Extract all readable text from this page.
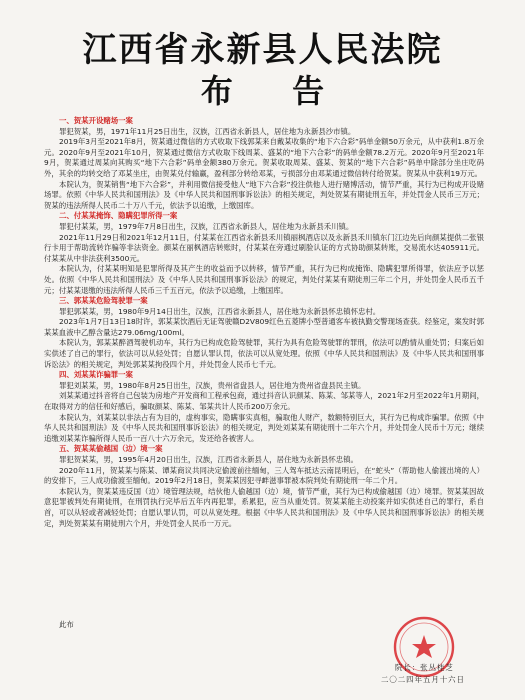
江西省永新县人民法院
布 告
一、贺某开设赌场一案

罪犯贺某，男，1971年11月25日出生，汉族，江西省永新县人，居住地为永新县沙市镇。

2019年3月至2021年8月，贺某通过微信的方式收取下线郭某来自戴某收集的“地下六合彩”码单金额50万余元，从中获利1.8万余元。2020年9月至2021年10月，贺某通过微信方式收取下线周某、盛某的“地下六合彩”的码单金额78.2万元。2020年9月至2021年9月，贺某通过周某向其购买“地下六合彩”码单金额380万余元。贺某收取周某、盛某、贺某的“地下六合彩”码单中除部分坐庄吃码外，其余的均转交给了邓某坐庄，由贺某兑付输赢，盈利部分转给邓某，亏损部分由邓某通过微信转付给贺某。贺某从中获利19万元。

本院认为，贺某销售“地下六合彩”，并利用微信接受他人“地下六合彩”投注供他人进行赌博活动，情节严重，其行为已构成开设赌场罪。依照《中华人民共和国刑法》及《中华人民共和国刑事诉讼法》的相关规定，判处贺某有期徒刑五年，并处罚金人民币三万元；贺某的违法所得人民币二十万八千元，依法予以追缴，上缴国库。

二、付某某掩饰、隐瞒犯罪所得一案

罪犯付某某，男，1979年7月8日出生，汉族，江西省永新县人，居住地为永新县禾川镇。

2021年11月29日和2021年12月11日，付某某在江西省永新县禾川镇丽枫酒店以及永新县禾川镇东门江边先后向颜某提供二张银行卡用于帮助流转诈骗等非法资金。颜某在丽枫酒店转账时，付某某在旁通过刷脸认证的方式协助颜某转账，交易流水达405911元。付某某从中非法获利3500元。

本院认为，付某某明知是犯罪所得及其产生的收益而予以转移，情节严重，其行为已构成掩饰、隐瞒犯罪所得罪，依法应予以惩处。依照《中华人民共和国刑法》及《中华人民共和国刑事诉讼法》的规定，判处付某某有期徒刑三年二个月，并处罚金人民币五千元；付某某退缴的违法所得人民币三千五百元，依法予以追缴，上缴国库。

三、郭某某危险驾驶罪一案

罪犯郭某某，男，1980年9月14日出生，汉族，江西省永新县人，居住地为永新县怀忠镇怀忠村。

2023年1月7日13日18时许，郭某某饮酒后无证驾驶赣D2V809红色五菱牌小型普通客车被执勤交警现场查获。经鉴定，案发时郭某某血液中乙醇含量达279.06mg/100ml。

本院认为，郭某某醉酒驾驶机动车，其行为已构成危险驾驶罪，其行为具有危险驾驶罪的罪刑，依法可以酌情从重处罚；归案后如实供述了自己的罪行，依法可以从轻处罚；自愿认罪认罚，依法可以从宽处理。依照《中华人民共和国刑法》及《中华人民共和国刑事诉讼法》的相关规定，判处郭某某拘役四个月，并处罚金人民币七千元。

四、刘某某诈骗罪一案

罪犯刘某某，男，1980年8月25日出生，汉族，贵州省盘县人，居住地为贵州省盘县民主镇。

刘某某通过抖音将自己包装为房地产开发商和工程承包商，通过抖音认识颜某、陈某、邹某等人，2021年2月至2022年1月期间，在取得对方的信任和好感后，骗取颜某、陈某、邹某共计人民币200万余元。

本院认为，刘某某以非法占有为目的，虚构事实，隐瞒事实真相，骗取他人财产，数额特别巨大，其行为已构成诈骗罪。依照《中华人民共和国刑法》及《中华人民共和国刑事诉讼法》的相关规定，判处刘某某有期徒刑十二年六个月，并处罚金人民币十万元；继续追缴刘某某诈骗所得人民币一百八十六万余元，发还给各被害人。

五、贺某某偷越国（边）境一案

罪犯贺某某，男，1995年4月20日出生，汉族，江西省永新县人，居住地为永新县怀忠镇。

2020年11月，贺某某与陈某、谭某商议共同决定偷渡前往缅甸，三人驾车抵达云南昆明后，在“蛇头”（帮助他人偷渡出境的人）的安排下，三人成功偷渡至缅甸。2019年2月18日，贺某某因犯寻衅滋事罪被本院判处有期徒刑一年二个月。

本院认为，贺某某违反国（边）境管理法规，结伙他人偷越国（边）境，情节严重，其行为已构成偷越国（边）境罪。贺某某因故意犯罪被判处有期徒刑，在刑罚执行完毕后五年内再犯罪，系累犯，应当从重处罚。贺某某能主动投案并如实供述自己的罪行，系自首，可以从轻或者减轻处罚；自愿认罪认罚，可以从宽处理。根据《中华人民共和国刑法》及《中华人民共和国刑事诉讼法》的相关规定，判处贺某某有期徒刑六个月，并处罚金人民币一万元。

此布
院长：张丛桂芝
二〇二四年五月十六日
